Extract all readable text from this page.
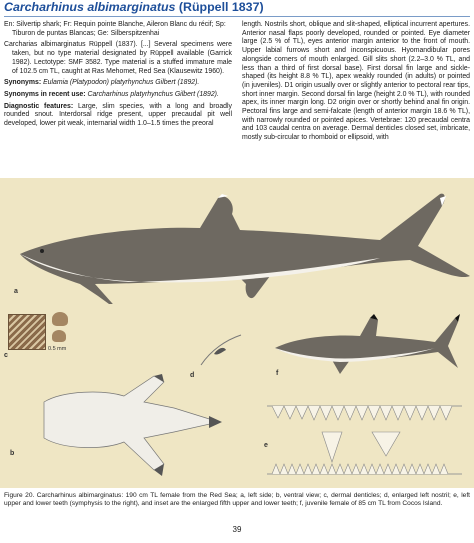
Carcharhinus albimarginatus (Rüppell 1837)

En: Silvertip shark; Fr: Requin pointe Blanche, Aileron Blanc du récif; Sp: Tiburon de puntas Blancas; Ge: Silberspitzenhai

Carcharias albimarginatus Rüppell (1837). [...] Several specimens were taken, but no type material designated by Rüppell available (Garrick 1982). Lectotype: SMF 3582. Type material is a stuffed immature male of 102.5 cm TL, caught at Ras Mehomet, Red Sea (Klausewitz 1960).

Synonyms: Eulamia (Platypodon) platyrhynchus Gilbert (1892).

Synonyms in recent use: Carcharhinus platyrhynchus Gilbert (1892).

Diagnostic features: Large, slim species, with a long and broadly rounded snout. Interdorsal ridge present, upper precaudal pit well developed, lower pit weak, internarial width 1.0–1.5 times the preoral

length. Nostrils short, oblique and slit-shaped, elliptical incurrent apertures. Anterior nasal flaps poorly developed, rounded or pointed. Eye diameter large (2.5 % of TL), eyes anterior margin anterior to the front of mouth. Upper labial furrows short and inconspicuous. Hyomandibular pores alongside corners of mouth enlarged. Gill slits short (2.2–3.0 % TL, and less than a third of first dorsal base). First dorsal fin large and sickle-shaped (its height 8.8 % TL), apex weakly rounded (in adults) or pointed (in juveniles). D1 origin usually over or slightly anterior to pectoral rear tips, short inner margin. Second dorsal fin large (height 2.0 % TL), with rounded apex, its inner margin long. D2 origin over or shortly behind anal fin origin. Pectoral fins large and semi-falcate (length of anterior margin 18.6 % TL), with narrowly rounded or pointed apices. Vertebrae: 120 precaudal centra and 103 caudal centra on average. Dermal denticles closed set, imbricate, mostly sub-circular to rhomboid or ellipsoid, with

a
0.5 mm
c
d
b
f
e
Figure 20. Carcharhinus albimarginatus: 190 cm TL female from the Red Sea; a, left side; b, ventral view; c, dermal denticles; d, enlarged left nostril; e, left upper and lower teeth (symphysis to the right), and inset are the enlarged fifth upper and lower teeth; f, juvenile female of 85 cm TL from Cocos Island.
39
